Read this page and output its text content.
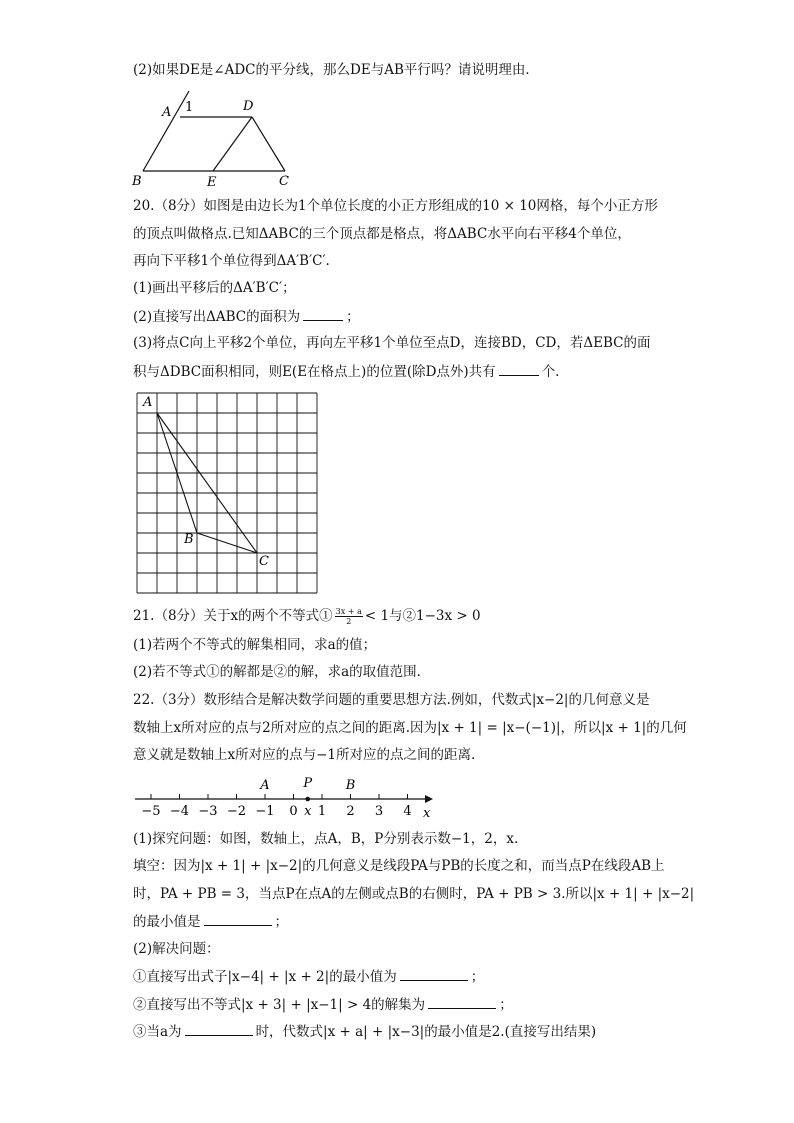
(2)如果DE是∠ADC的平分线，那么DE与AB平行吗？请说明理由．
A 1	D
B	E	C
20.（8分）如图是由边长为1个单位长度的小正方形组成的10 × 10网格，每个小正方形
的顶点叫做格点.已知ΔABC的三个顶点都是格点，将ΔABC水平向右平移4个单位，
再向下平移1个单位得到ΔA′B′C′.
(1)画出平移后的ΔA′B′C′；
(2)直接写出ΔABC的面积为	；
(3)将点C向上平移2个单位，再向左平移1个单位至点D，连接BD，CD，若ΔEBC的面
积与ΔDBC面积相同，则E(E在格点上)的位置(除D点外)共有	个.
A
B
C
21.（8分）关于x的两个不等式① $\frac{3x + a}{2} < 1$与②1−3x > 0
(1)若两个不等式的解集相同，求a的值；
(2)若不等式①的解都是②的解，求a的取值范围．
22.（3分）数形结合是解决数学问题的重要思想方法.例如，代数式|x−2|的几何意义是
数轴上x所对应的点与2所对应的点之间的距离.因为|x + 1| = |x−(−1)|，所以|x + 1|的几何
意义就是数轴上x所对应的点与−1所对应的点之间的距离.
−5 −4 −3 −2 −1 0 1 2 3 4
A	P	B
x	x
(1)探究问题：如图，数轴上，点A，B，P分别表示数−1，2，x.
填空：因为|x + 1| + |x−2|的几何意义是线段PA与PB的长度之和，而当点P在线段AB上
时，PA + PB = 3，当点P在点A的左侧或点B的右侧时，PA + PB > 3.所以|x + 1| + |x−2|
的最小值是	；
(2)解决问题：
①直接写出式子|x−4| + |x + 2|的最小值为	；
②直接写出不等式|x + 3| + |x−1| > 4的解集为	；
③当a为	时，代数式|x + a| + |x−3|的最小值是2.(直接写出结果)
